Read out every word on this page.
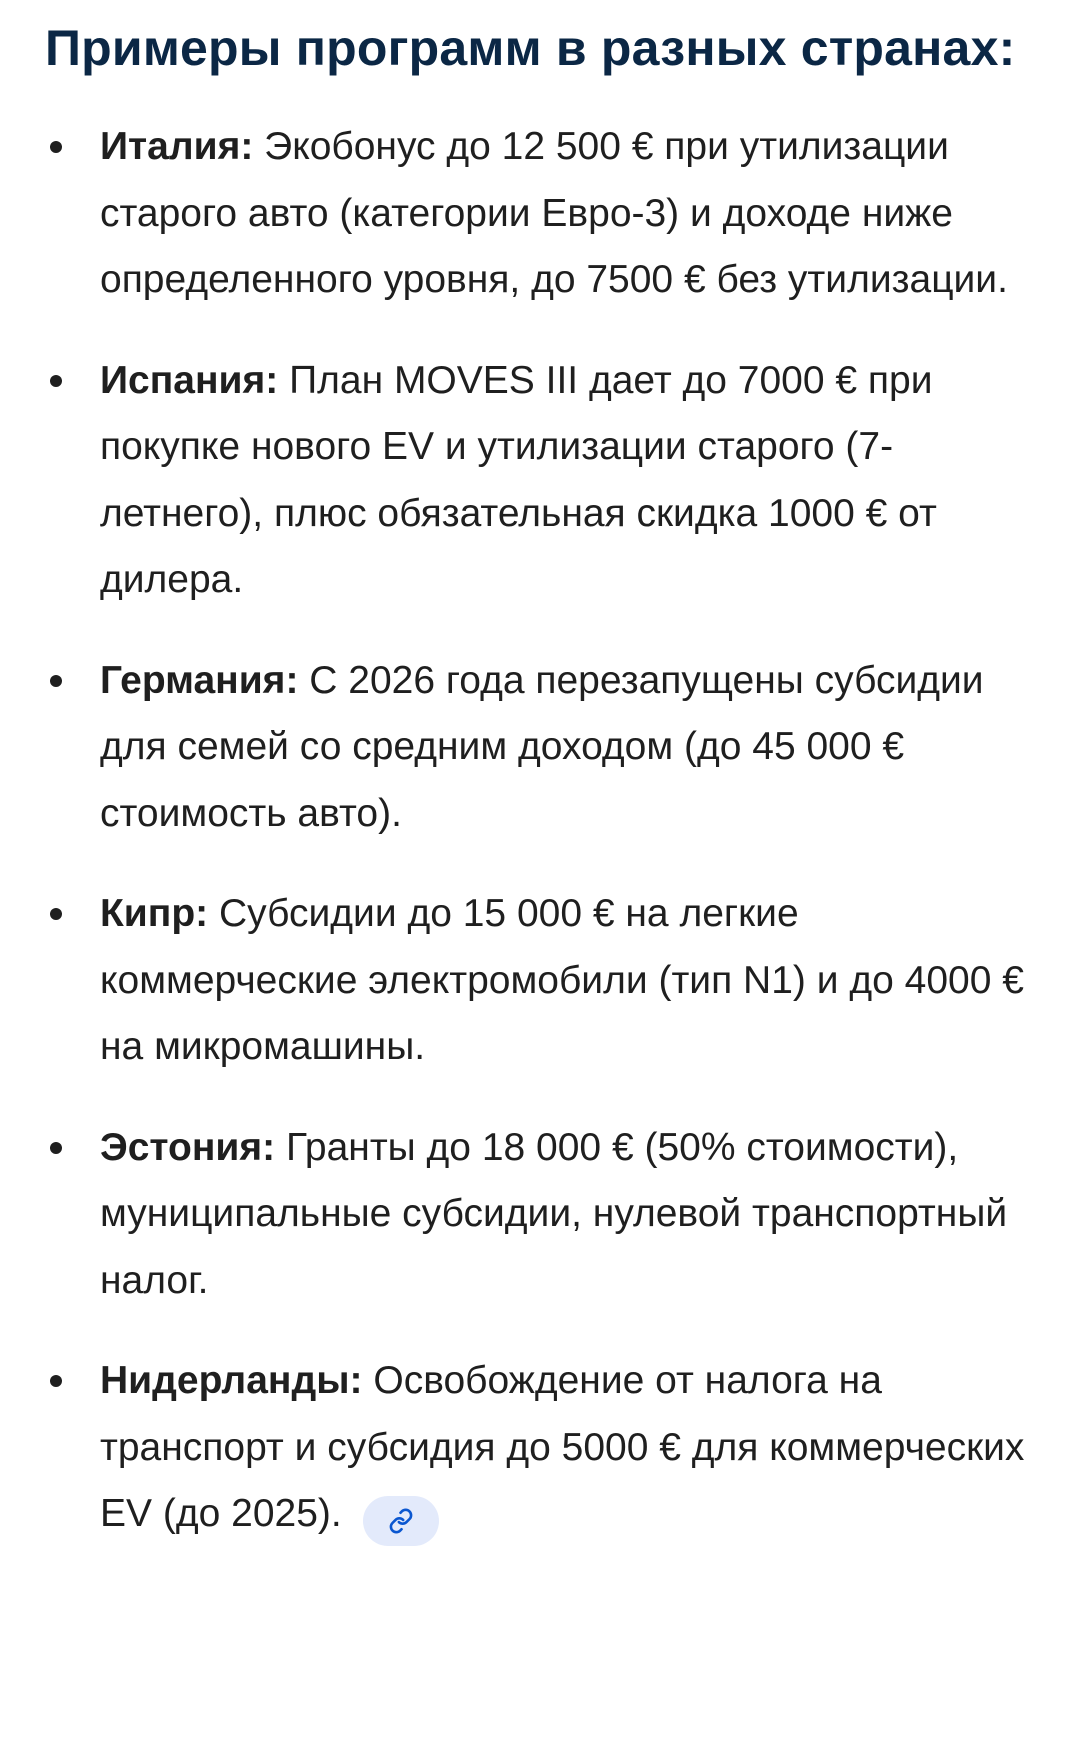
Примеры программ в разных странах:
Италия: Экобонус до 12 500 € при утилизации старого авто (категории Евро-3) и доходе ниже определенного уровня, до 7500 € без утилизации.
Испания: План MOVES III дает до 7000 € при покупке нового EV и утилизации старого (7-летнего), плюс обязательная скидка 1000 € от дилера.
Германия: С 2026 года перезапущены субсидии для семей со средним доходом (до 45 000 € стоимость авто).
Кипр: Субсидии до 15 000 € на легкие коммерческие электромобили (тип N1) и до 4000 € на микромашины.
Эстония: Гранты до 18 000 € (50% стоимости), муниципальные субсидии, нулевой транспортный налог.
Нидерланды: Освобождение от налога на транспорт и субсидия до 5000 € для коммерческих EV (до 2025).
